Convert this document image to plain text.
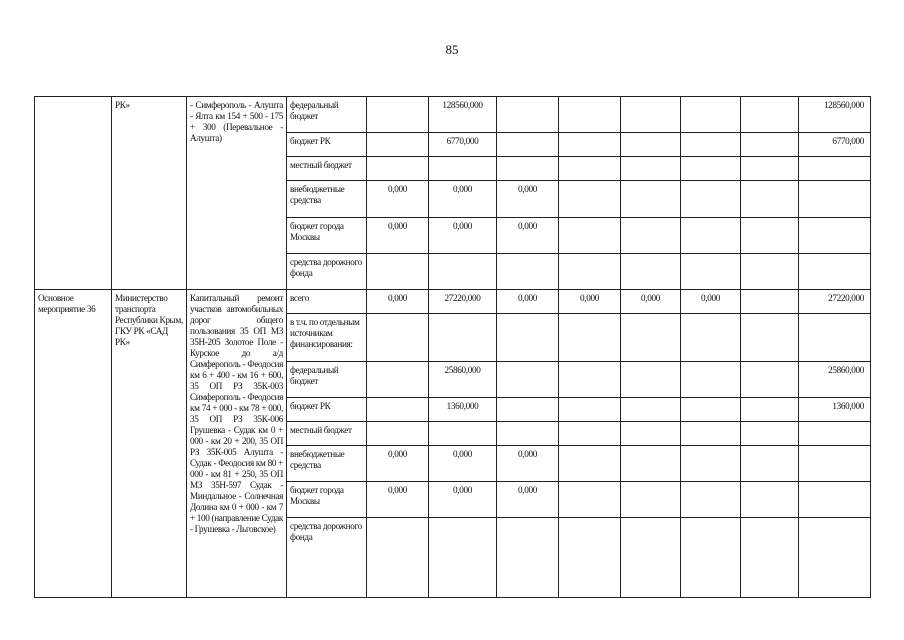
85
	РК»	- Симферополь - Алушта - Ялта км 154 + 500 - 175 + 300 (Перевальное - Алушта)	федеральный бюджет		128560,000						128560,000
			бюджет РК		6770,000						6770,000
			местный бюджет								
			внебюджетные средства	0,000	0,000	0,000					
			бюджет города Москвы	0,000	0,000	0,000					
			средства дорожного фонда								
Основное мероприятие 36	Министерство транспорта Республики Крым, ГКУ РК «САД РК»	Капитальный ремонт участков автомобильных дорог общего пользования 35 ОП МЗ 35Н-205 Золотое Поле - Курское до а/д Симферополь - Феодосия км 6 + 400 - км 16 + 600, 35 ОП РЗ 35К-003 Симферополь - Феодосия км 74 + 000 - км 78 + 000, 35 ОП РЗ 35К-006 Грушевка - Судак км 0 + 000 - км 20 + 200, 35 ОП РЗ 35К-005 Алушта - Судак - Феодосия км 80 + 000 - км 81 + 250, 35 ОП МЗ 35Н-597 Судак - Миндальное - Солнечная Долина км 0 + 000 - км 7 + 100 (направление Судак - Грушевка - Льговское)	всего	0,000	27220,000	0,000	0,000	0,000	0,000		27220,000
			в т.ч. по отдельным источникам финансирования:								
			федеральный бюджет		25860,000						25860,000
			бюджет РК		1360,000						1360,000
			местный бюджет								
			внебюджетные средства	0,000	0,000	0,000					
			бюджет города Москвы	0,000	0,000	0,000					
			средства дорожного фонда								
